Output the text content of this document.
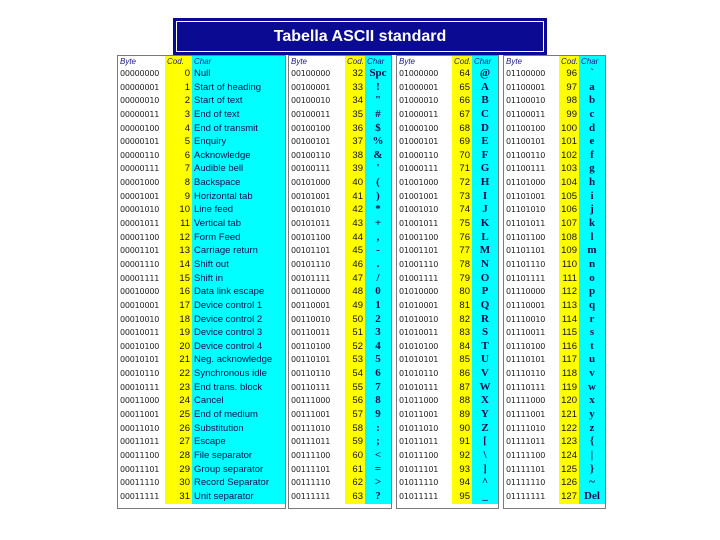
Tabella ASCII standard
Byte	Cod.	Char
00000000	0 Null
00000001	1 Start of heading
00000010	2 Start of text
00000011	3 End of text
00000100	4 End of transmit
00000101	5 Enquiry
00000110	6 Acknowledge
00000111	7 Audible bell
00001000	8 Backspace
00001001	9 Horizontal tab
00001010	10 Line feed
00001011	11 Vertical tab
00001100	12 Form Feed
00001101	13 Carriage return
00001110	14 Shift out
00001111	15 Shift in
00010000	16 Data link escape
00010001	17 Device control 1
00010010	18 Device control 2
00010011	19 Device control 3
00010100	20 Device control 4
00010101	21 Neg. acknowledge
00010110	22 Synchronous idle
00010111	23 End trans. block
00011000	24 Cancel
00011001	25 End of medium
00011010	26 Substitution
00011011	27 Escape
00011100	28 File separator
00011101	29 Group separator
00011110	30 Record Separator
00011111	31 Unit separator
Byte	Cod. Char
00100000	32 Spc
00100001	33	!
00100010	34	"
00100011	35	#
00100100	36	$
00100101	37 %
00100110	38 &
00100111	39	'
00101000	40	(
00101001	41	)
00101010	42	*
00101011	43	+
00101100	44	,
00101101	45	-
00101110	46	.
00101111	47	/
00110000	48	0
00110001	49	1
00110010	50	2
00110011	51	3
00110100	52	4
00110101	53	5
00110110	54	6
00110111	55	7
00111000	56	8
00111001	57	9
00111010	58	:
00111011	59	;
00111100	60	<
00111101	61	=
00111110	62	>
00111111	63	?
Byte	Cod. Char
01000000	64 @
01000001	65	A
01000010	66	B
01000011	67	C
01000100	68	D
01000101	69	E
01000110	70	F
01000111	71 G
01001000	72 H
01001001	73	I
01001010	74	J
01001011	75 K
01001100	76	L
01001101	77 M
01001110	78	N
01001111	79 O
01010000	80	P
01010001	81 Q
01010010	82	R
01010011	83	S
01010100	84	T
01010101	85	U
01010110	86	V
01010111	87 W
01011000	88	X
01011001	89	Y
01011010	90	Z
01011011	91	[
01011100	92	\
01011101	93	]
01011110	94	^
01011111	95	_
Byte	Cod. Char
01100000	96	`
01100001	97	a
01100010	98	b
01100011	99	c
01100100	100	d
01100101	101	e
01100110	102	f
01100111	103	g
01101000	104	h
01101001	105	i
01101010	106	j
01101011	107	k
01101100	108	l
01101101	109 m
01101110	110	n
01101111	111	o
01110000	112	p
01110001	113	q
01110010	114	r
01110011	115	s
01110100	116	t
01110101	117	u
01110110	118	v
01110111	119	w
01111000	120	x
01111001	121	y
01111010	122	z
01111011	123	{
01111100	124	|
01111101	125	}
01111110	126	~
01111111	127 Del
